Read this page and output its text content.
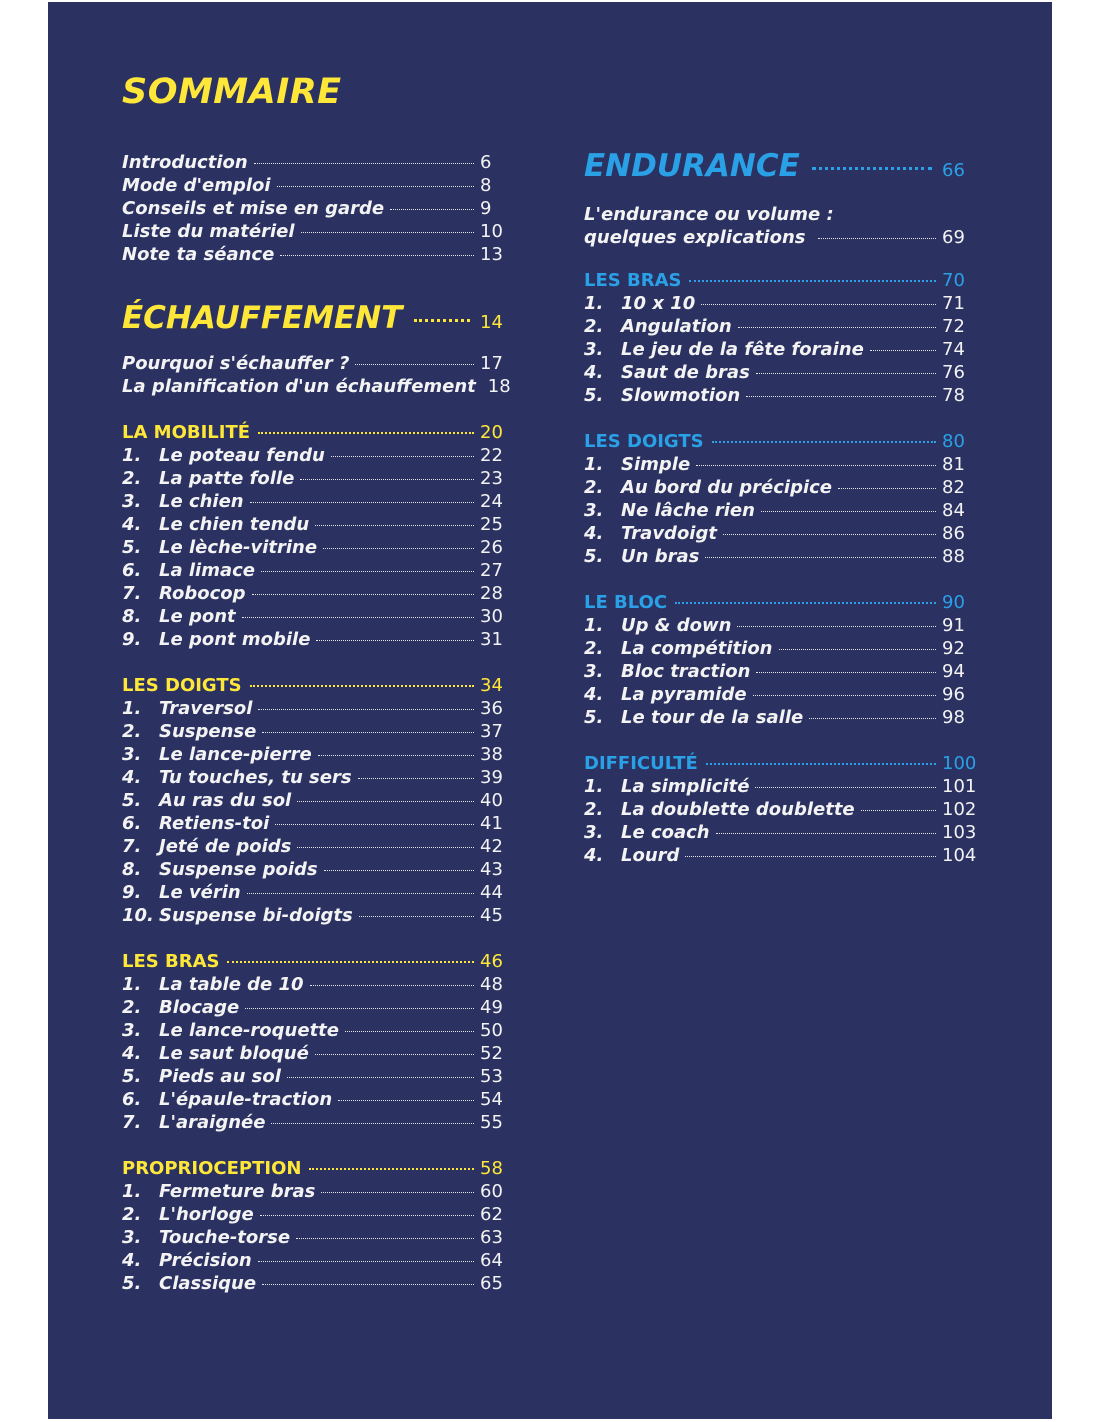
SOMMAIRE
Introduction	6
Mode d'emploi	8
Conseils et mise en garde	9
Liste du matériel	10
Note ta séance	13
ÉCHAUFFEMENT	14
Pourquoi s'échauffer ?	17
La planification d'un échauffement 18
LA MOBILITÉ	20
1. Le poteau fendu	22
2. La patte folle	23
3. Le chien	24
4. Le chien tendu	25
5. Le lèche-vitrine	26
6. La limace	27
7. Robocop	28
8. Le pont	30
9. Le pont mobile	31
LES DOIGTS	34
1. Traversol	36
2. Suspense	37
3. Le lance-pierre	38
4. Tu touches, tu sers	39
5. Au ras du sol	40
6. Retiens-toi	41
7. Jeté de poids	42
8. Suspense poids	43
9. Le vérin	44
10. Suspense bi-doigts	45
LES BRAS	46
1. La table de 10	48
2. Blocage	49
3. Le lance-roquette	50
4. Le saut bloqué	52
5. Pieds au sol	53
6. L'épaule-traction	54
7. L'araignée	55
PROPRIOCEPTION	58
1. Fermeture bras	60
2. L'horloge	62
3. Touche-torse	63
4. Précision	64
5. Classique	65
ENDURANCE	66
L'endurance ou volume :
quelques explications	69
LES BRAS	70
1. 10 x 10	71
2. Angulation	72
3. Le jeu de la fête foraine	74
4. Saut de bras	76
5. Slowmotion	78
LES DOIGTS	80
1. Simple	81
2. Au bord du précipice	82
3. Ne lâche rien	84
4. Travdoigt	86
5. Un bras	88
LE BLOC	90
1. Up & down	91
2. La compétition	92
3. Bloc traction	94
4. La pyramide	96
5. Le tour de la salle	98
DIFFICULTÉ	100
1. La simplicité	101
2. La doublette doublette	102
3. Le coach	103
4. Lourd	104
